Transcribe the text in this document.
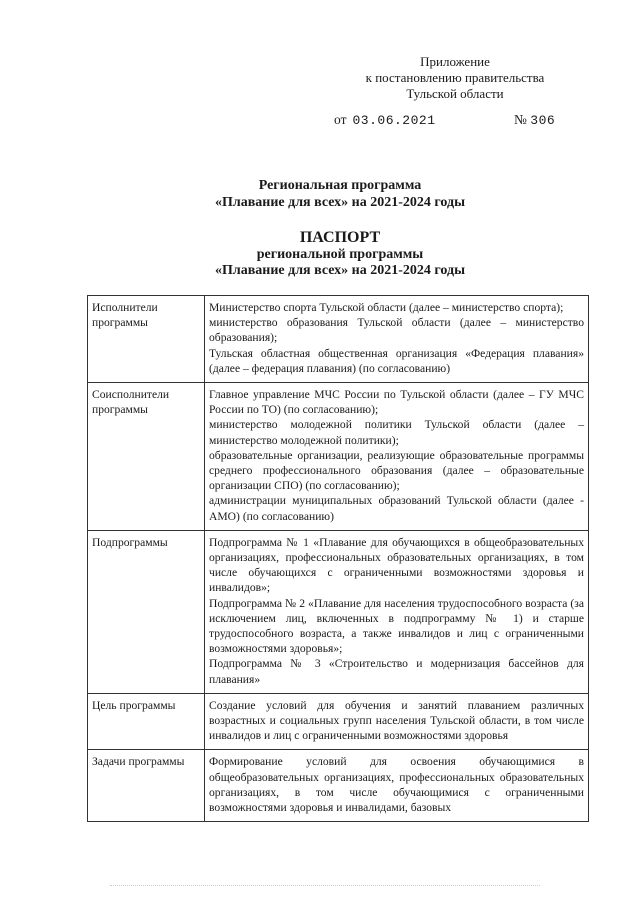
Приложение
к постановлению правительства
Тульской области
от 03.06.2021	№ 306
Региональная программа
«Плавание для всех» на 2021-2024 годы
ПАСПОРТ
региональной программы
«Плавание для всех» на 2021-2024 годы
Исполнители программы	Министерство спорта Тульской области (далее – министерство спорта);

министерство образования Тульской области (далее – министерство образования);

Тульская областная общественная организация «Федерация плавания» (далее – федерация плавания) (по согласованию)

Соисполнители программы	Главное управление МЧС России по Тульской области (далее – ГУ МЧС России по ТО) (по согласованию);

министерство молодежной политики Тульской области (далее – министерство молодежной политики);

образовательные организации, реализующие образовательные программы среднего профессионального образования (далее – образовательные организации СПО) (по согласованию);

администрации муниципальных образований Тульской области (далее - АМО) (по согласованию)

Подпрограммы	Подпрограмма № 1 «Плавание для обучающихся в общеобразовательных организациях, профессиональных образовательных организациях, в том числе обучающихся с ограниченными возможностями здоровья и инвалидов»;

Подпрограмма № 2 «Плавание для населения трудоспособного возраста (за исключением лиц, включенных в подпрограмму № 1) и старше трудоспособного возраста, а также инвалидов и лиц с ограниченными возможностями здоровья»;

Подпрограмма № 3 «Строительство и модернизация бассейнов для плавания»

Цель программы	Создание условий для обучения и занятий плаванием различных возрастных и социальных групп населения Тульской области, в том числе инвалидов и лиц с ограниченными возможностями здоровья

Задачи программы	Формирование условий для освоения обучающимися в общеобразовательных организациях, профессиональных образовательных организациях, в том числе обучающимися с ограниченными возможностями здоровья и инвалидами, базовых
